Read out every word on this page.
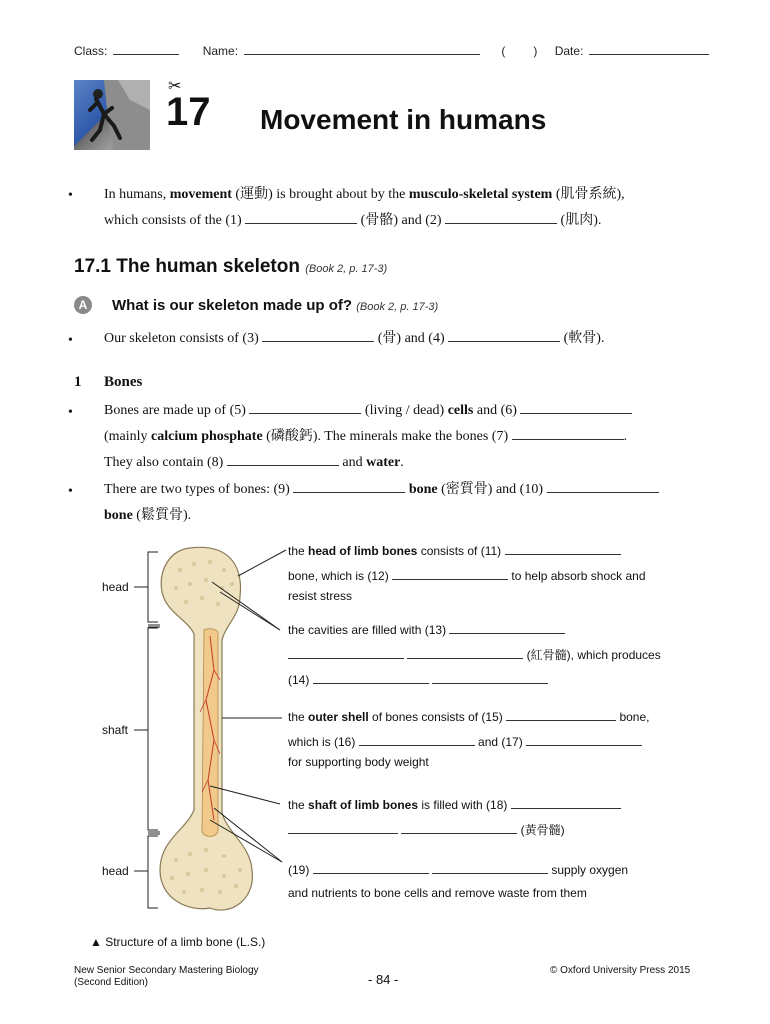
Class:	Name:	( ) Date:
✂
17 Movement in humans
• In humans, movement (運動) is brought about by the musculo-skeletal system (肌骨系統),
which consists of the (1)	(骨骼) and (2)	(肌肉).
17.1 The human skeleton (Book 2, p. 17-3)
A What is our skeleton made up of? (Book 2, p. 17-3)
• Our skeleton consists of (3)	(骨) and (4)	(軟骨).
1 Bones
• Bones are made up of (5)	(living / dead) cells and (6)
(mainly calcium phosphate (磷酸鈣). The minerals make the bones (7)	.
They also contain (8)	and water.
• There are two types of bones: (9)	bone (密質骨) and (10)
bone (鬆質骨).
head
shaft
head
the head of limb bones consists of (11)
bone, which is (12)	to help absorb shock and
resist stress
the cavities are filled with (13)
(紅骨髓), which produces
(14)
the outer shell of bones consists of (15)	bone,
which is (16)	and (17)
for supporting body weight
the shaft of limb bones is filled with (18)
(黃骨髓)
(19)	supply oxygen
and nutrients to bone cells and remove waste from them
▲ Structure of a limb bone (L.S.)
New Senior Secondary Mastering Biology
(Second Edition)	- 84 -
© Oxford University Press 2015
